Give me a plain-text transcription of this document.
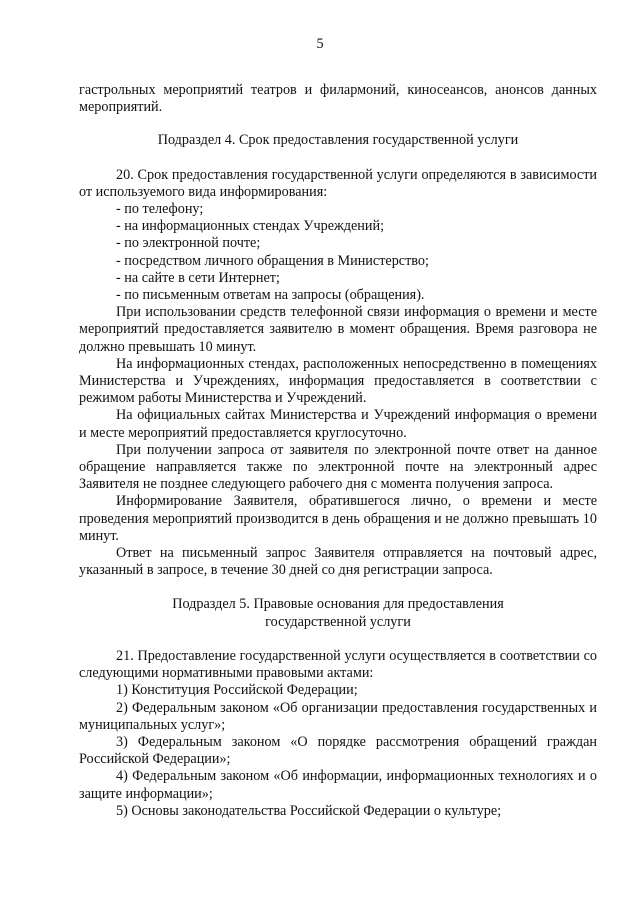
5

гастрольных мероприятий театров и филармоний, киносеансов, анонсов данных мероприятий.

Подраздел 4. Срок предоставления государственной услуги

20. Срок предоставления государственной услуги определяются в зависимости от используемого вида информирования:

- по телефону;

- на информационных стендах Учреждений;

- по электронной почте;

- посредством личного обращения в Министерство;

- на сайте в сети Интернет;

- по письменным ответам на запросы (обращения).

При использовании средств телефонной связи информация о времени и месте мероприятий предоставляется заявителю в момент обращения. Время разговора не должно превышать 10 минут.

На информационных стендах, расположенных непосредственно в помещениях Министерства и Учреждениях, информация предоставляется в соответствии с режимом работы Министерства и Учреждений.

На официальных сайтах Министерства и Учреждений информация о времени и месте мероприятий предоставляется круглосуточно.

При получении запроса от заявителя по электронной почте ответ на данное обращение направляется также по электронной почте на электронный адрес Заявителя не позднее следующего рабочего дня с момента получения запроса.

Информирование Заявителя, обратившегося лично, о времени и месте проведения мероприятий производится в день обращения и не должно превышать 10 минут.

Ответ на письменный запрос Заявителя отправляется на почтовый адрес, указанный в запросе, в течение 30 дней со дня регистрации запроса.

Подраздел 5. Правовые основания для предоставления

государственной услуги

21. Предоставление государственной услуги осуществляется в соответствии со следующими нормативными правовыми актами:

1) Конституция Российской Федерации;

2) Федеральным законом «Об организации предоставления государственных и муниципальных услуг»;

3) Федеральным законом «О порядке рассмотрения обращений граждан Российской Федерации»;

4) Федеральным законом «Об информации, информационных технологиях и о защите информации»;

5) Основы законодательства Российской Федерации о культуре;
